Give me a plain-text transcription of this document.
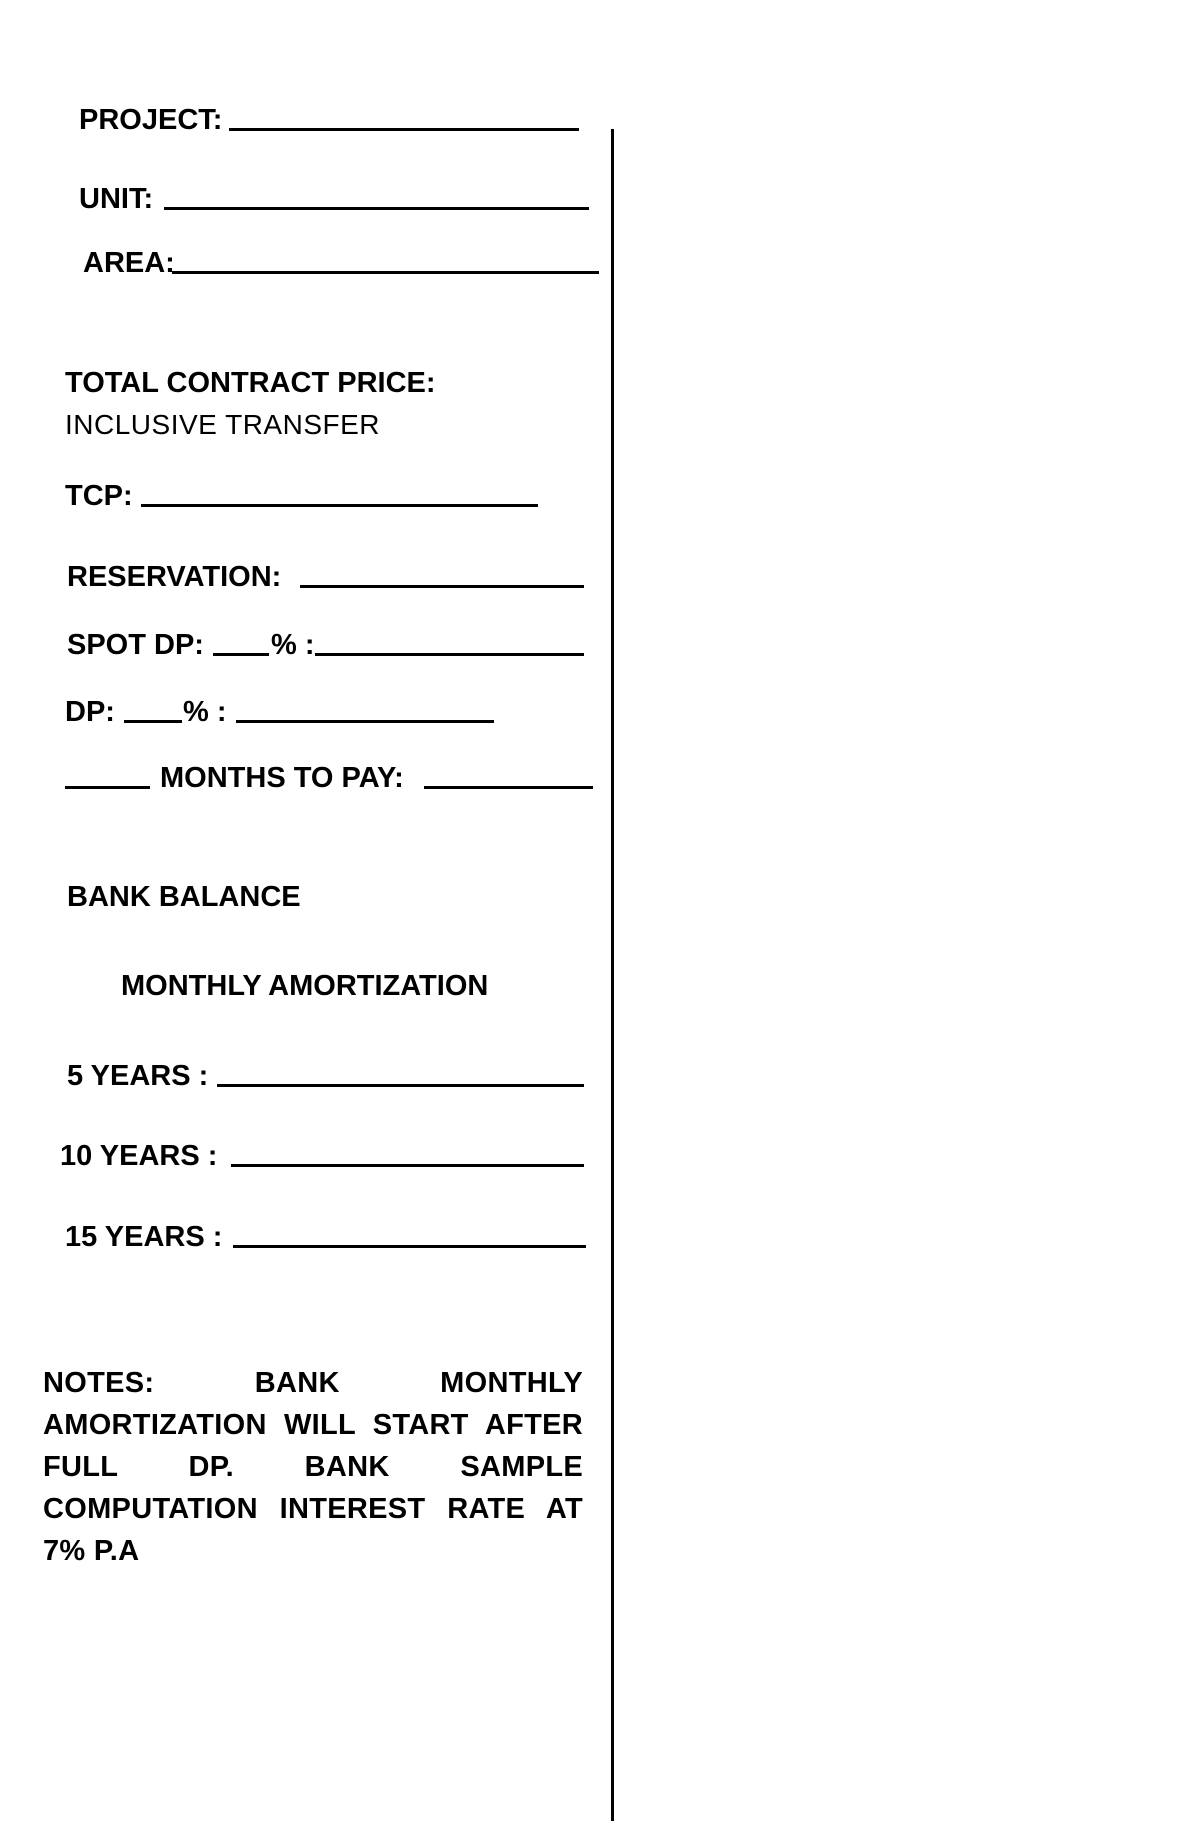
PROJECT:
UNIT:
AREA:
TOTAL CONTRACT PRICE:
INCLUSIVE TRANSFER
TCP:
RESERVATION:
SPOT DP: % :
DP: % :
MONTHS TO PAY:
BANK BALANCE
MONTHLY AMORTIZATION
5 YEARS :
10 YEARS :
15 YEARS :
NOTES: BANK MONTHLY AMORTIZATION WILL START AFTER FULL DP. BANK SAMPLE COMPUTATION INTEREST RATE AT 7% P.A
